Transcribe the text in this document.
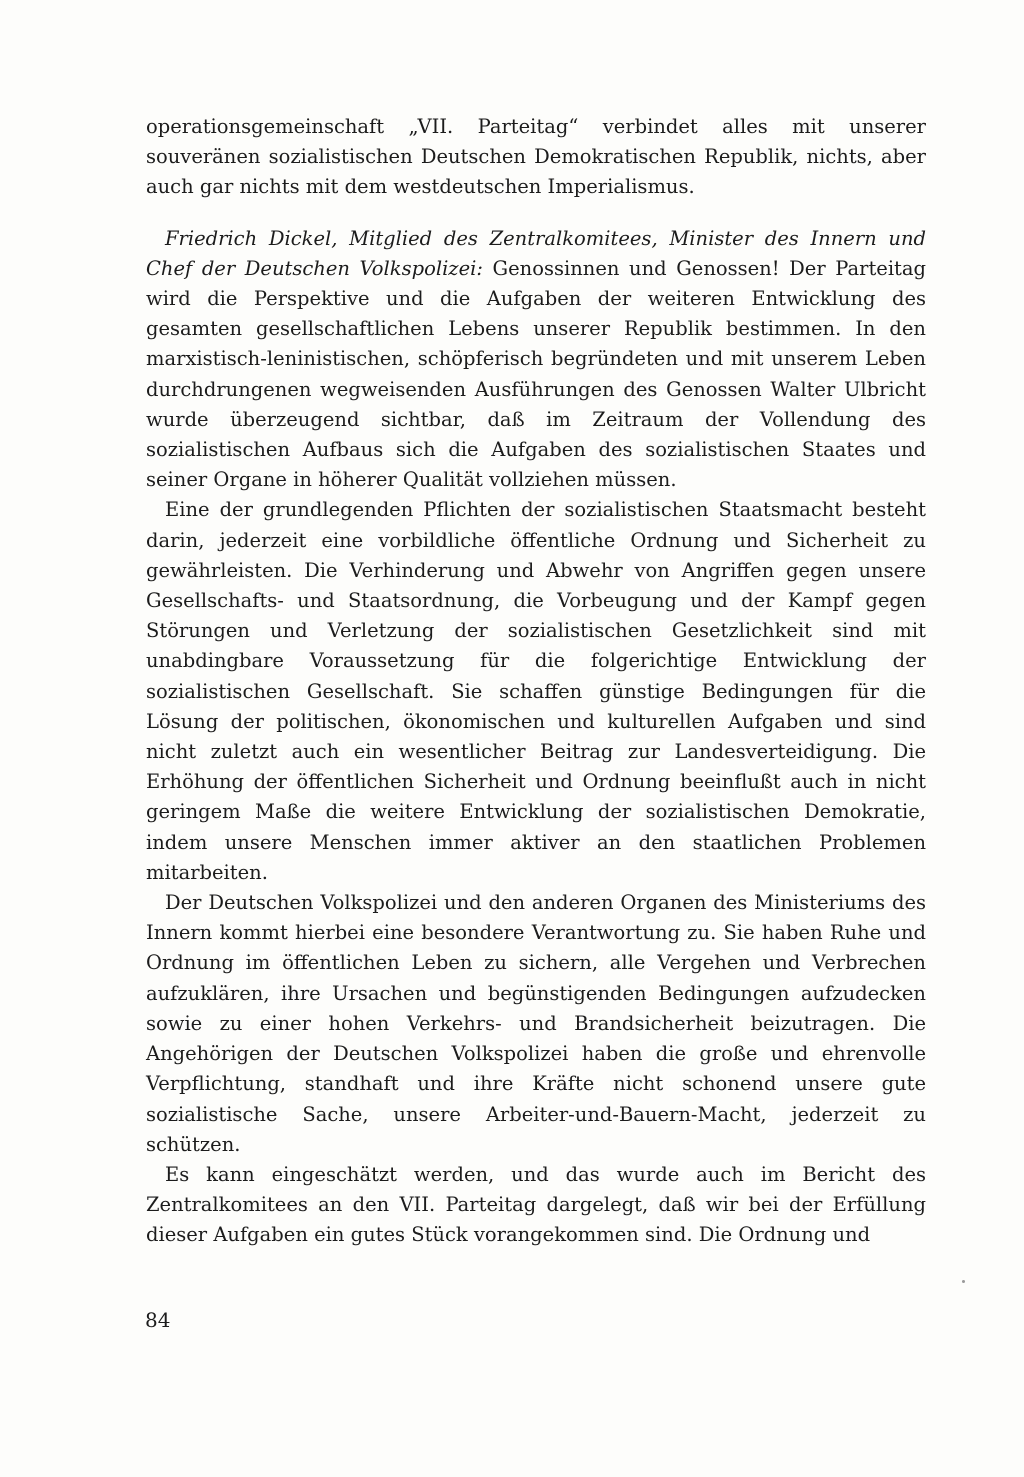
operationsgemeinschaft „VII. Parteitag“ verbindet alles mit unserer souveränen sozialistischen Deutschen Demokratischen Republik, nichts, aber auch gar nichts mit dem westdeutschen Imperialismus.

Friedrich Dickel, Mitglied des Zentralkomitees, Minister des Innern und Chef der Deutschen Volkspolizei: Genossinnen und Genossen! Der Parteitag wird die Perspektive und die Aufgaben der weiteren Entwicklung des gesamten gesellschaftlichen Lebens unserer Republik bestimmen. In den marxistisch-leninistischen, schöpferisch begründeten und mit unserem Leben durchdrungenen wegweisenden Ausführungen des Genossen Walter Ulbricht wurde überzeugend sichtbar, daß im Zeitraum der Vollendung des sozialistischen Aufbaus sich die Aufgaben des sozialistischen Staates und seiner Organe in höherer Qualität vollziehen müssen.

Eine der grundlegenden Pflichten der sozialistischen Staatsmacht besteht darin, jederzeit eine vorbildliche öffentliche Ordnung und Sicherheit zu gewährleisten. Die Verhinderung und Abwehr von Angriffen gegen unsere Gesellschafts- und Staatsordnung, die Vorbeugung und der Kampf gegen Störungen und Verletzung der sozialistischen Gesetzlichkeit sind mit unabdingbare Voraussetzung für die folgerichtige Entwicklung der sozialistischen Gesellschaft. Sie schaffen günstige Bedingungen für die Lösung der politischen, ökonomischen und kulturellen Aufgaben und sind nicht zuletzt auch ein wesentlicher Beitrag zur Landesverteidigung. Die Erhöhung der öffentlichen Sicherheit und Ordnung beeinflußt auch in nicht geringem Maße die weitere Entwicklung der sozialistischen Demokratie, indem unsere Menschen immer aktiver an den staatlichen Problemen mitarbeiten.

Der Deutschen Volkspolizei und den anderen Organen des Ministeriums des Innern kommt hierbei eine besondere Verantwortung zu. Sie haben Ruhe und Ordnung im öffentlichen Leben zu sichern, alle Vergehen und Verbrechen aufzuklären, ihre Ursachen und begünstigenden Bedingungen aufzudecken sowie zu einer hohen Verkehrs- und Brandsicherheit beizutragen. Die Angehörigen der Deutschen Volkspolizei haben die große und ehrenvolle Verpflichtung, standhaft und ihre Kräfte nicht schonend unsere gute sozialistische Sache, unsere Arbeiter-und-Bauern-Macht, jederzeit zu schützen.

Es kann eingeschätzt werden, und das wurde auch im Bericht des Zentralkomitees an den VII. Parteitag dargelegt, daß wir bei der Erfüllung dieser Aufgaben ein gutes Stück vorangekommen sind. Die Ordnung und

84
